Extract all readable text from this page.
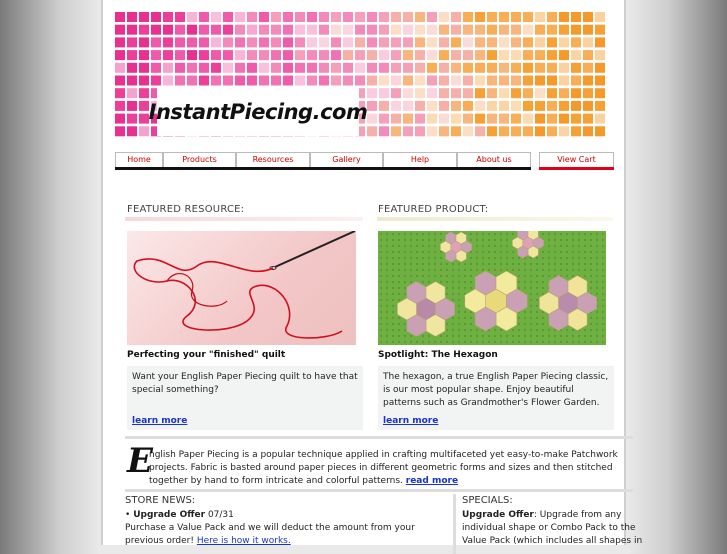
InstantPiecing.com
Home	Products	Resources	Gallery	Help	About us	View Cart
FEATURED RESOURCE:
Perfecting your "finished" quilt
Want your English Paper Piecing quilt to have that special something?
learn more
FEATURED PRODUCT:
Spotlight: The Hexagon
The hexagon, a true English Paper Piecing classic, is our most popular shape. Enjoy beautiful patterns such as Grandmother's Flower Garden.
learn more
E
nglish Paper Piecing is a popular technique applied in crafting multifaceted yet easy-to-make Patchwork projects. Fabric is basted around paper pieces in different geometric forms and sizes and then stitched together by hand to form intricate and colorful patterns. read more
STORE NEWS:
• Upgrade Offer 07/31
Purchase a Value Pack and we will deduct the amount from your previous order! Here is how it works.
SPECIALS:
Upgrade Offer: Upgrade from any individual shape or Combo Pack to the Value Pack (which includes all shapes in
